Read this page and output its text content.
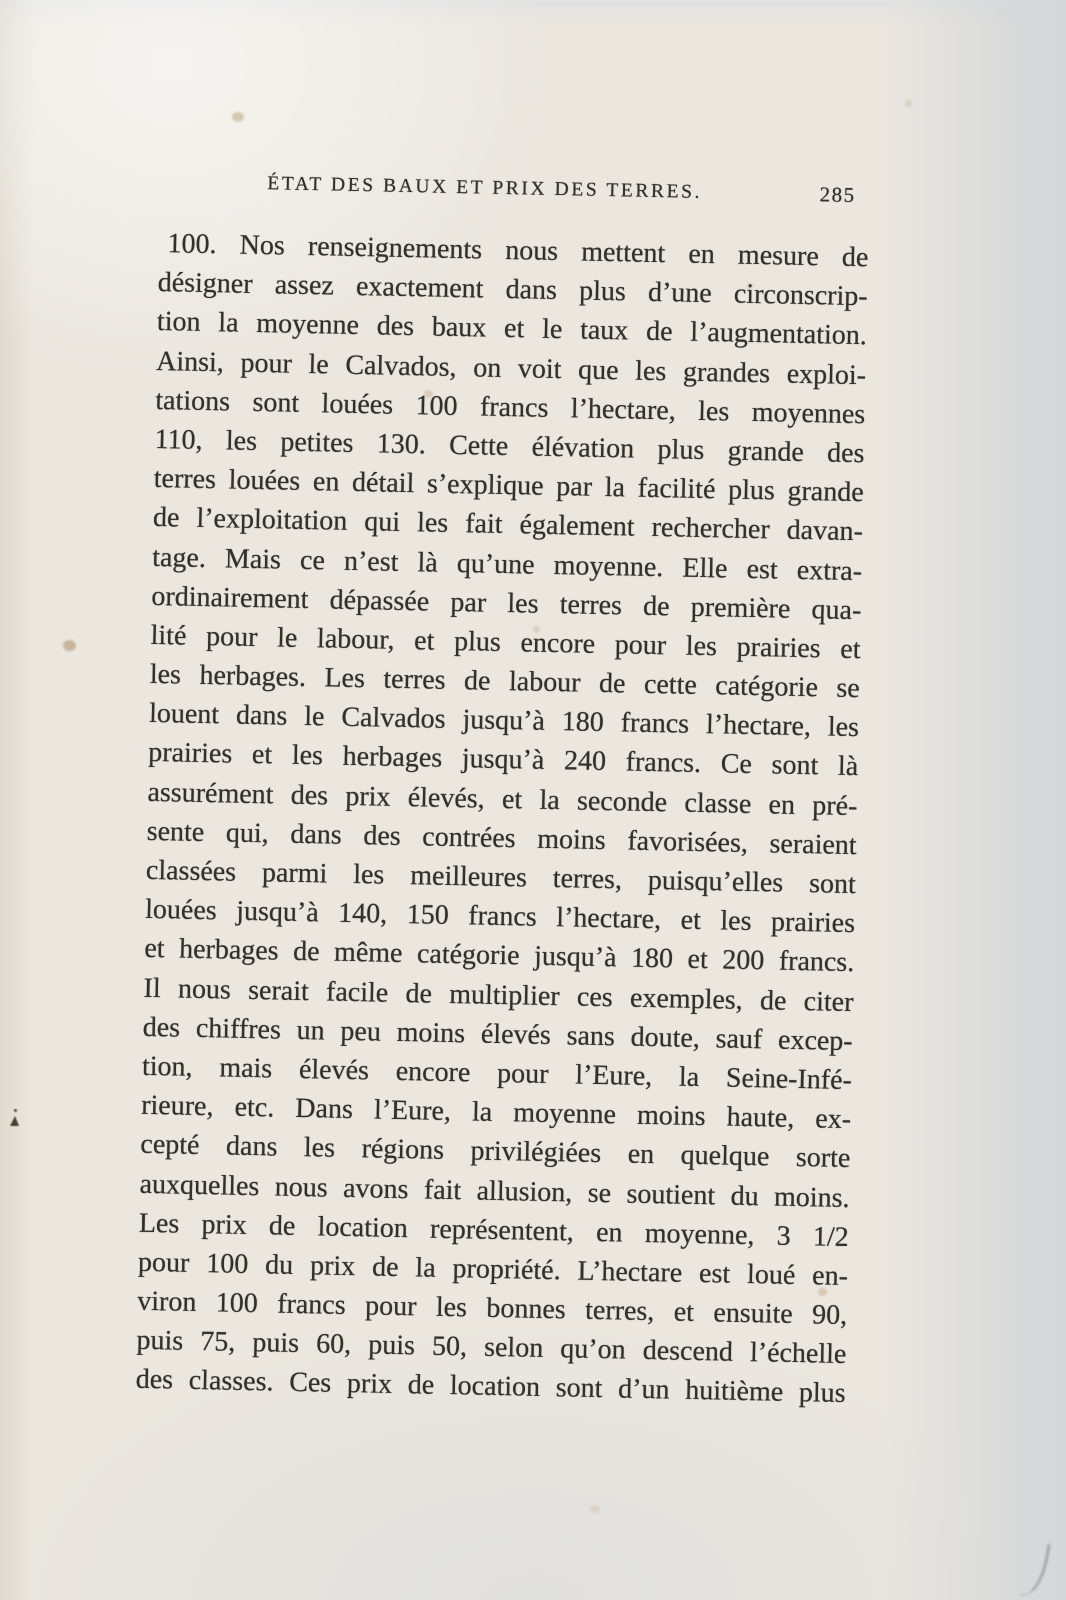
ÉTAT DES BAUX ET PRIX DES TERRES.	285
100. Nos renseignements nous mettent en mesure de
désigner assez exactement dans plus d’une circonscrip-
tion la moyenne des baux et le taux de l’augmentation.
Ainsi, pour le Calvados, on voit que les grandes exploi-
tations sont louées 100 francs l’hectare, les moyennes
110, les petites 130. Cette élévation plus grande des
terres louées en détail s’explique par la facilité plus grande
de l’exploitation qui les fait également rechercher davan-
tage. Mais ce n’est là qu’une moyenne. Elle est extra-
ordinairement dépassée par les terres de première qua-
lité pour le labour, et plus encore pour les prairies et
les herbages. Les terres de labour de cette catégorie se
louent dans le Calvados jusqu’à 180 francs l’hectare, les
prairies et les herbages jusqu’à 240 francs. Ce sont là
assurément des prix élevés, et la seconde classe en pré-
sente qui, dans des contrées moins favorisées, seraient
classées parmi les meilleures terres, puisqu’elles sont
louées jusqu’à 140, 150 francs l’hectare, et les prairies
et herbages de même catégorie jusqu’à 180 et 200 francs.
Il nous serait facile de multiplier ces exemples, de citer
des chiffres un peu moins élevés sans doute, sauf excep-
tion, mais élevés encore pour l’Eure, la Seine-Infé-
rieure, etc. Dans l’Eure, la moyenne moins haute, ex-
cepté dans les régions privilégiées en quelque sorte
auxquelles nous avons fait allusion, se soutient du moins.
Les prix de location représentent, en moyenne, 3 1/2
pour 100 du prix de la propriété. L’hectare est loué en-
viron 100 francs pour les bonnes terres, et ensuite 90,
puis 75, puis 60, puis 50, selon qu’on descend l’échelle
des classes. Ces prix de location sont d’un huitième plus
